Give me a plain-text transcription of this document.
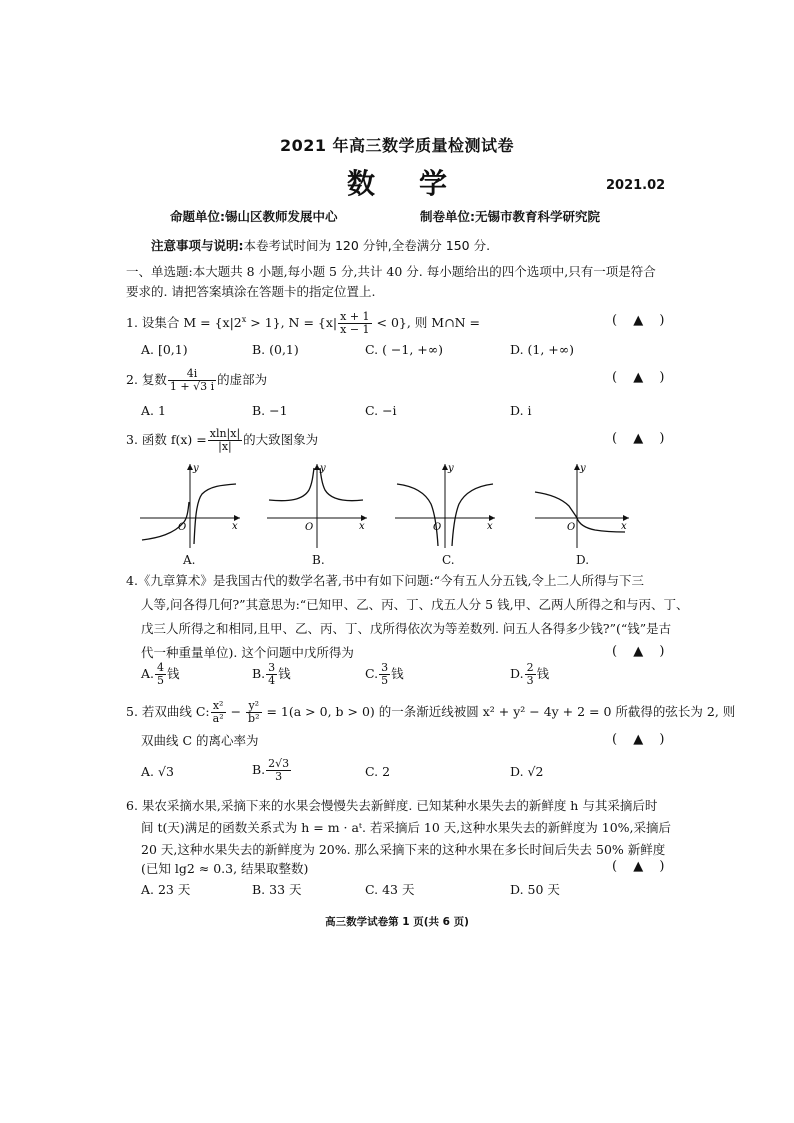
2021 年高三数学质量检测试卷
数学	2021.02
命题单位:锡山区教师发展中心	制卷单位:无锡市教育科学研究院
注意事项与说明:本卷考试时间为 120 分钟,全卷满分 150 分.
一、单选题:本大题共 8 小题,每小题 5 分,共计 40 分. 每小题给出的四个选项中,只有一项是符合
要求的. 请把答案填涂在答题卡的指定位置上.
1. 设集合 $M = \{x|2^x > 1\}$, $N = \{x| \frac{x + 1}{x - 1} < 0\}$, 则 M∩N =	( ▲ )
A. [0,1)	B. (0,1)	C. ( −1, +∞)	D. (1, +∞)
2. 复数 $\frac{4i}{1 + √3 i}$ 的虚部为	( ▲ )
A. 1	B. −1	C. −i	D. i
3. 函数 $f(x) = \frac{xln|x|}{|x|}$ 的大致图象为	( ▲ )
y
x
O
y
x
O
y
x
O
y
x
O
A.	B.	C.	D.
4.《九章算术》是我国古代的数学名著,书中有如下问题:“今有五人分五钱,令上二人所得与下三
人等,问各得几何?”其意思为:“已知甲、乙、丙、丁、戊五人分 5 钱,甲、乙两人所得之和与丙、丁、
戊三人所得之和相同,且甲、乙、丙、丁、戊所得依次为等差数列. 问五人各得多少钱?”(“钱”是古
代一种重量单位). 这个问题中戊所得为	( ▲ )
A. $\frac{4}{5}$ 钱	B. $\frac{3}{4}$ 钱	C. $\frac{3}{5}$ 钱	D. $\frac{2}{3}$ 钱
5. 若双曲线 C: $\frac{\text{x²}}{\text{a²}} - \frac{\text{y²}}{\text{b²}} = 1(a > 0$, b > 0) 的一条渐近线被圆 x² + y² − 4y + 2 = 0 所截得的弦长为 2, 则
双曲线 C 的离心率为	( ▲ )
A. √3	B. $\frac{2√3}{3}$	C. 2	D. √2
6. 果农采摘水果,采摘下来的水果会慢慢失去新鲜度. 已知某种水果失去的新鲜度 h 与其采摘后时
间 t(天)满足的函数关系式为 h = m · aᵗ. 若采摘后 10 天,这种水果失去的新鲜度为 10%,采摘后
20 天,这种水果失去的新鲜度为 20%. 那么采摘下来的这种水果在多长时间后失去 50% 新鲜度
(已知 lg2 ≈ 0.3, 结果取整数)	( ▲ )
A. 23 天	B. 33 天	C. 43 天	D. 50 天
高三数学试卷第 1 页(共 6 页)
